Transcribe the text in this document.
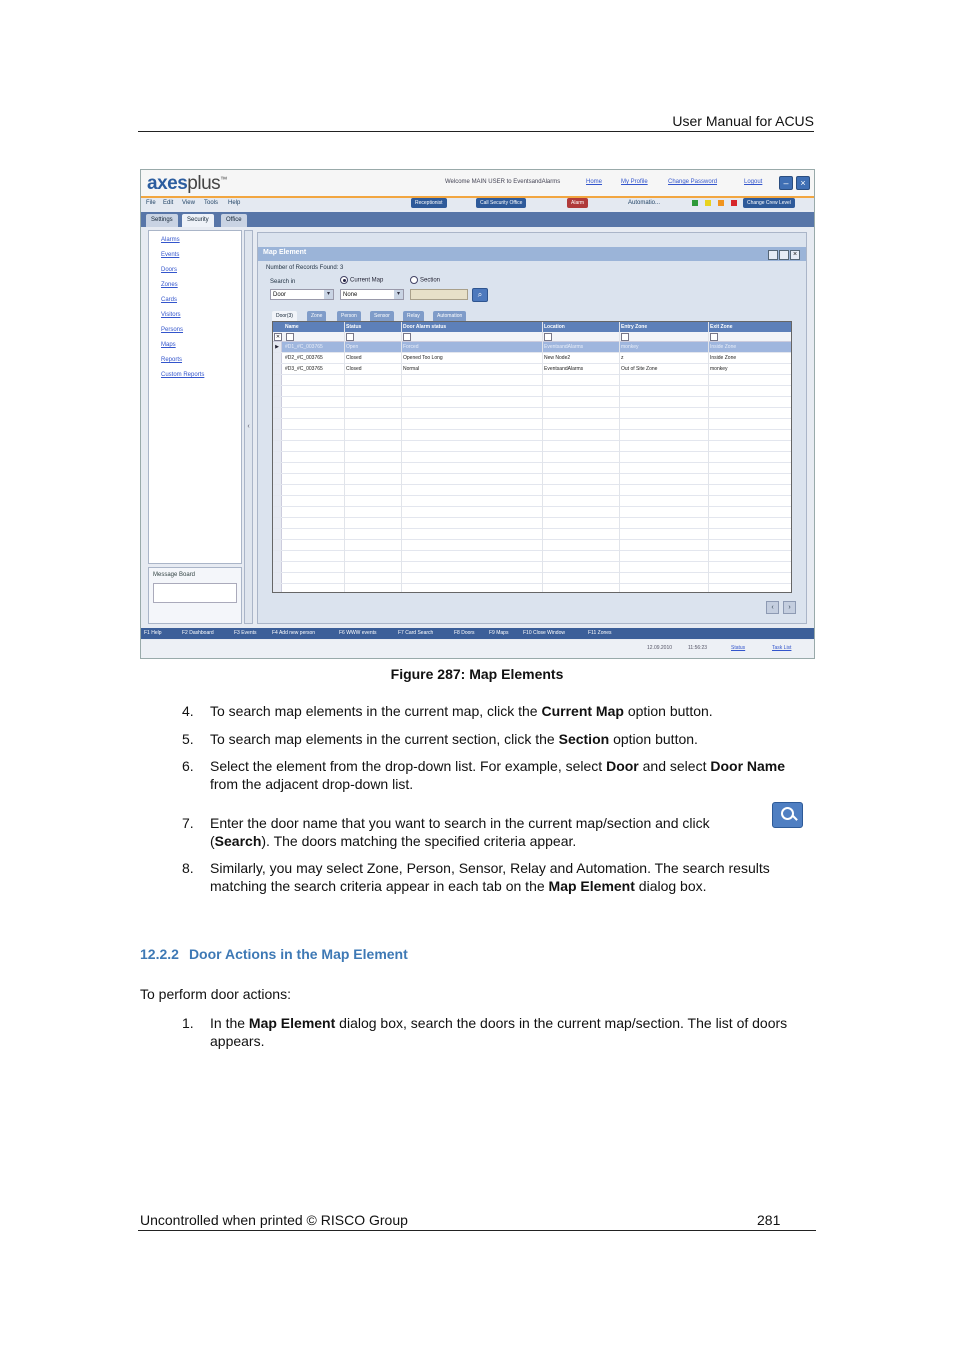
User Manual for ACUS
axesplus™	Welcome MAIN USER to EventsandAlarms	Home	My Profile	Change Password	Logout	–	×
File Edit View Tools Help	Receptionist	Call Security Office	Alarm	Automatio...	Change Crew Level
Settings	Security	Office
Alarms
Events
Doors
Zones
Cards
Visitors
Persons
Maps
Reports
Custom Reports
Message Board
‹
Map Element	×
Number of Records Found: 3
Search in	Current Map	Section
Door	▾	None	▾	⌕
Door(3)	Zone	Person	Sensor	Relay	Automation
Name	Status	Door Alarm status	Location	Entry Zone	Exit Zone
✕
▶	#D1_#C_003765	Open	Forced	EventsandAlarms	monkey	Inside Zone
#D2_#C_003765	Closed	Opened Too Long	New Node2	z	Inside Zone
#D3_#C_003765	Closed	Normal	EventsandAlarms	Out of Site Zone	monkey
‹	›
F1 Help	F2 Dashboard	F3 Events	F4 Add new person	F6 WWW events	F7 Card Search	F8 Doors	F9 Maps	F10 Close Window	F11 Zones
12.09.2010	11:56:23	Status	Task List
Figure 287: Map Elements
4.	To search map elements in the current map, click the Current Map option button.
5.	To search map elements in the current section, click the Section option button.
6.	Select the element from the drop-down list. For example, select Door and select Door Name from the adjacent drop-down list.
7.	Enter the door name that you want to search in the current map/section and click

(Search). The doors matching the specified criteria appear.
8.	Similarly, you may select Zone, Person, Sensor, Relay and Automation. The search results matching the search criteria appear in each tab on the Map Element dialog box.
12.2.2 Door Actions in the Map Element
To perform door actions:
1.	In the Map Element dialog box, search the doors in the current map/section. The list of doors appears.
Uncontrolled when printed © RISCO Group	281
